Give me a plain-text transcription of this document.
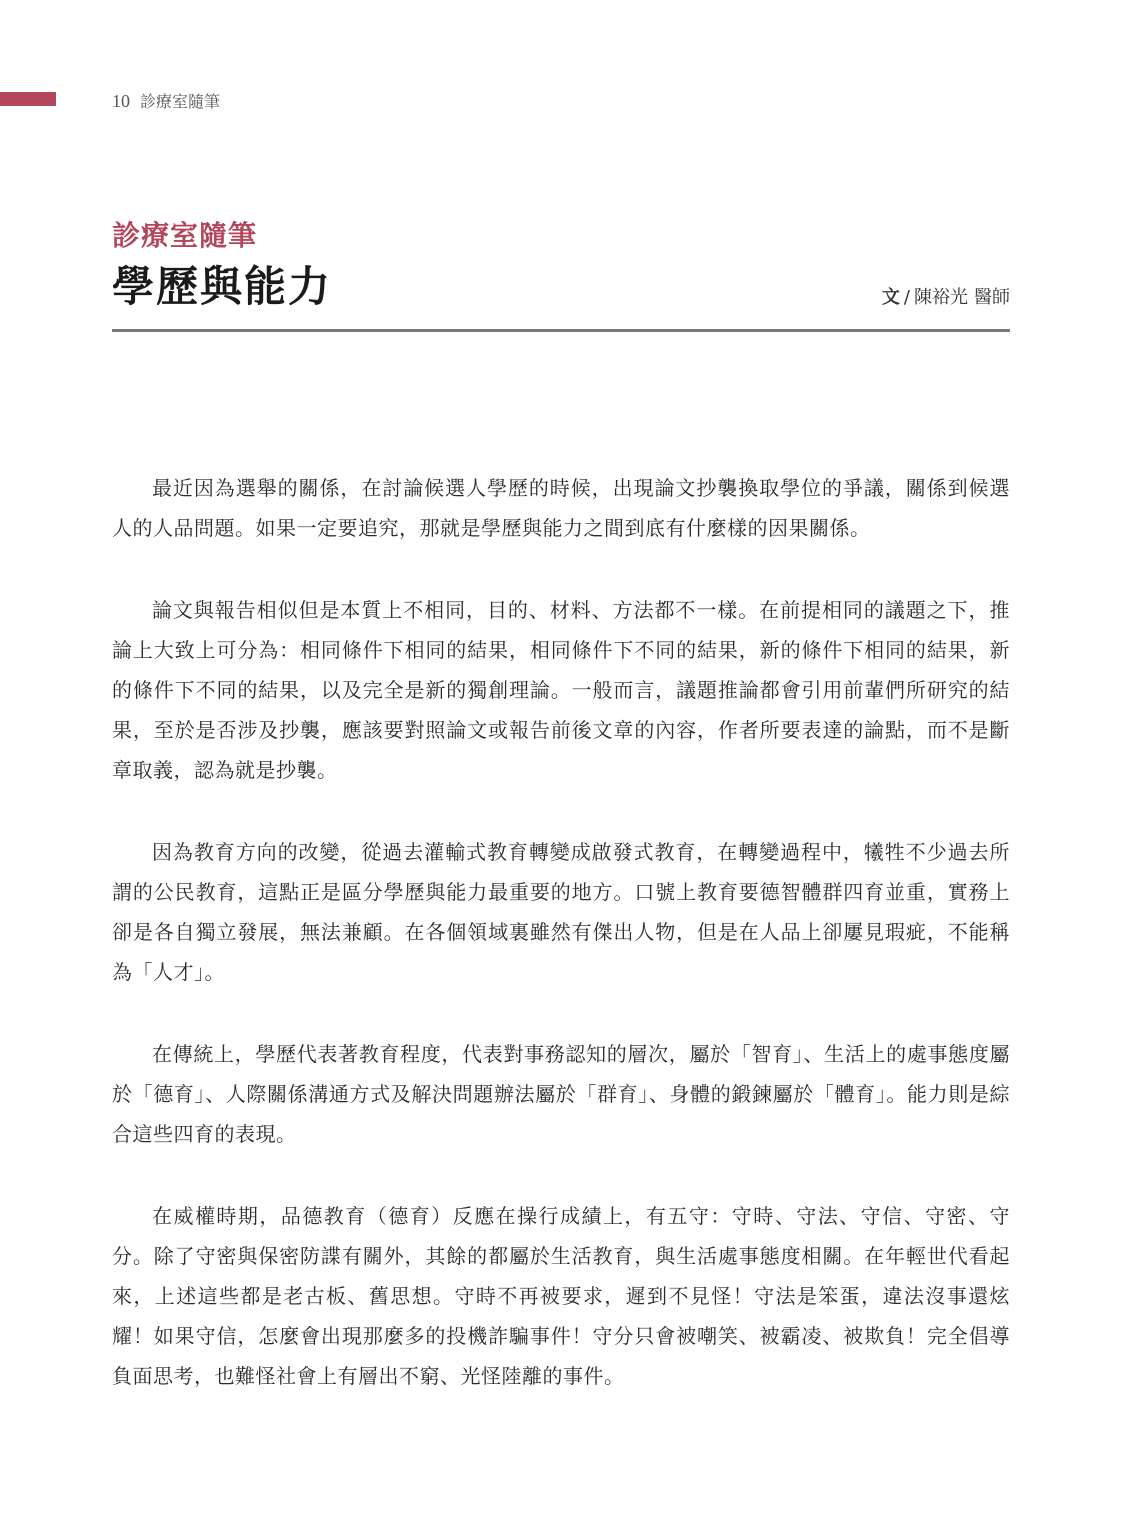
10 診療室隨筆
診療室隨筆
學歷與能力	文 / 陳裕光 醫師

最近因為選舉的關係，在討論候選人學歷的時候，出現論文抄襲換取學位的爭議，關係到候選人的人品問題。如果一定要追究，那就是學歷與能力之間到底有什麼樣的因果關係。

論文與報告相似但是本質上不相同，目的、材料、方法都不一樣。在前提相同的議題之下，推論上大致上可分為：相同條件下相同的結果，相同條件下不同的結果，新的條件下相同的結果，新的條件下不同的結果，以及完全是新的獨創理論。一般而言，議題推論都會引用前輩們所研究的結果，至於是否涉及抄襲，應該要對照論文或報告前後文章的內容，作者所要表達的論點，而不是斷章取義，認為就是抄襲。

因為教育方向的改變，從過去灌輸式教育轉變成啟發式教育，在轉變過程中，犧牲不少過去所謂的公民教育，這點正是區分學歷與能力最重要的地方。口號上教育要德智體群四育並重，實務上卻是各自獨立發展，無法兼顧。在各個領域裏雖然有傑出人物，但是在人品上卻屢見瑕疵，不能稱為「人才」。

在傳統上，學歷代表著教育程度，代表對事務認知的層次，屬於「智育」、生活上的處事態度屬於「德育」、人際關係溝通方式及解決問題辦法屬於「群育」、身體的鍛鍊屬於「體育」。能力則是綜合這些四育的表現。

在威權時期，品德教育（德育）反應在操行成績上，有五守：守時、守法、守信、守密、守分。除了守密與保密防諜有關外，其餘的都屬於生活教育，與生活處事態度相關。在年輕世代看起來，上述這些都是老古板、舊思想。守時不再被要求，遲到不見怪！守法是笨蛋，違法沒事還炫耀！如果守信，怎麼會出現那麼多的投機詐騙事件！守分只會被嘲笑、被霸凌、被欺負！完全倡導負面思考，也難怪社會上有層出不窮、光怪陸離的事件。
